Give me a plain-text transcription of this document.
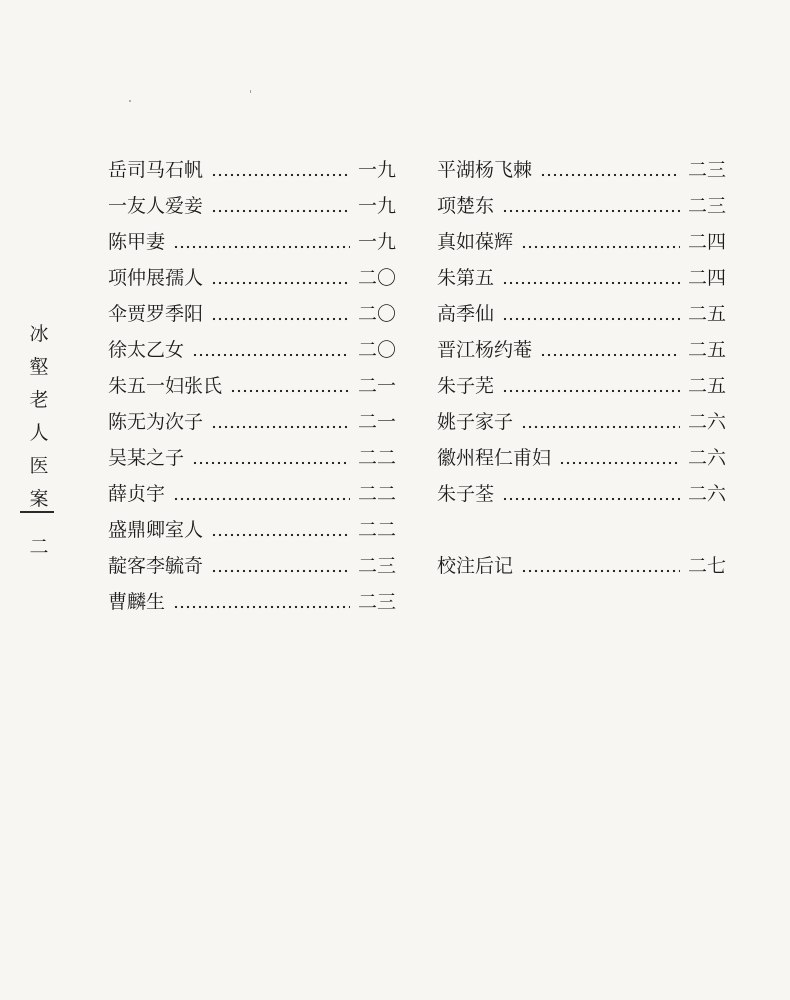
冰
壑
老
人
医
案
二
岳司马石帆	一九
一友人爱妾	一九
陈甲妻	一九
项仲展孺人	二〇
伞贾罗季阳	二〇
徐太乙女	二〇
朱五一妇张氏	二一
陈无为次子	二一
吴某之子	二二
薛贞宇	二二
盛鼎卿室人	二二
靛客李毓奇	二三
曹麟生	二三
平湖杨飞棘	二三
项楚东	二三
真如葆辉	二四
朱第五	二四
高季仙	二五
晋江杨约菴	二五
朱子芜	二五
姚子家子	二六
徽州程仁甫妇	二六
朱子荃	二六
校注后记	二七
